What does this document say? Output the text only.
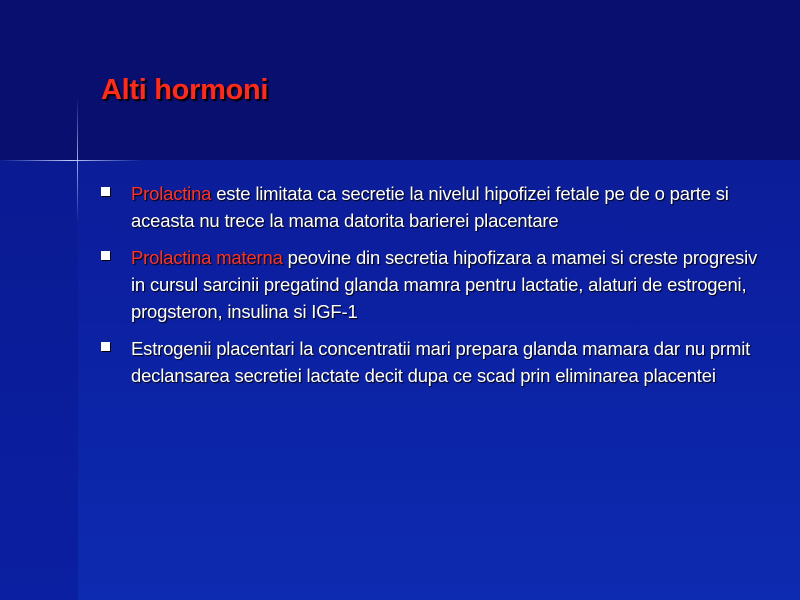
Alti hormoni
Prolactina este limitata ca secretie la nivelul hipofizei fetale pe de o parte si aceasta nu trece la mama datorita barierei placentare
Prolactina materna peovine din secretia hipofizara a mamei si creste progresiv in cursul sarcinii pregatind glanda mamra pentru lactatie, alaturi de estrogeni, progsteron, insulina si IGF-1
Estrogenii placentari la concentratii mari prepara glanda mamara dar nu prmit declansarea secretiei lactate decit dupa ce scad prin eliminarea placentei
